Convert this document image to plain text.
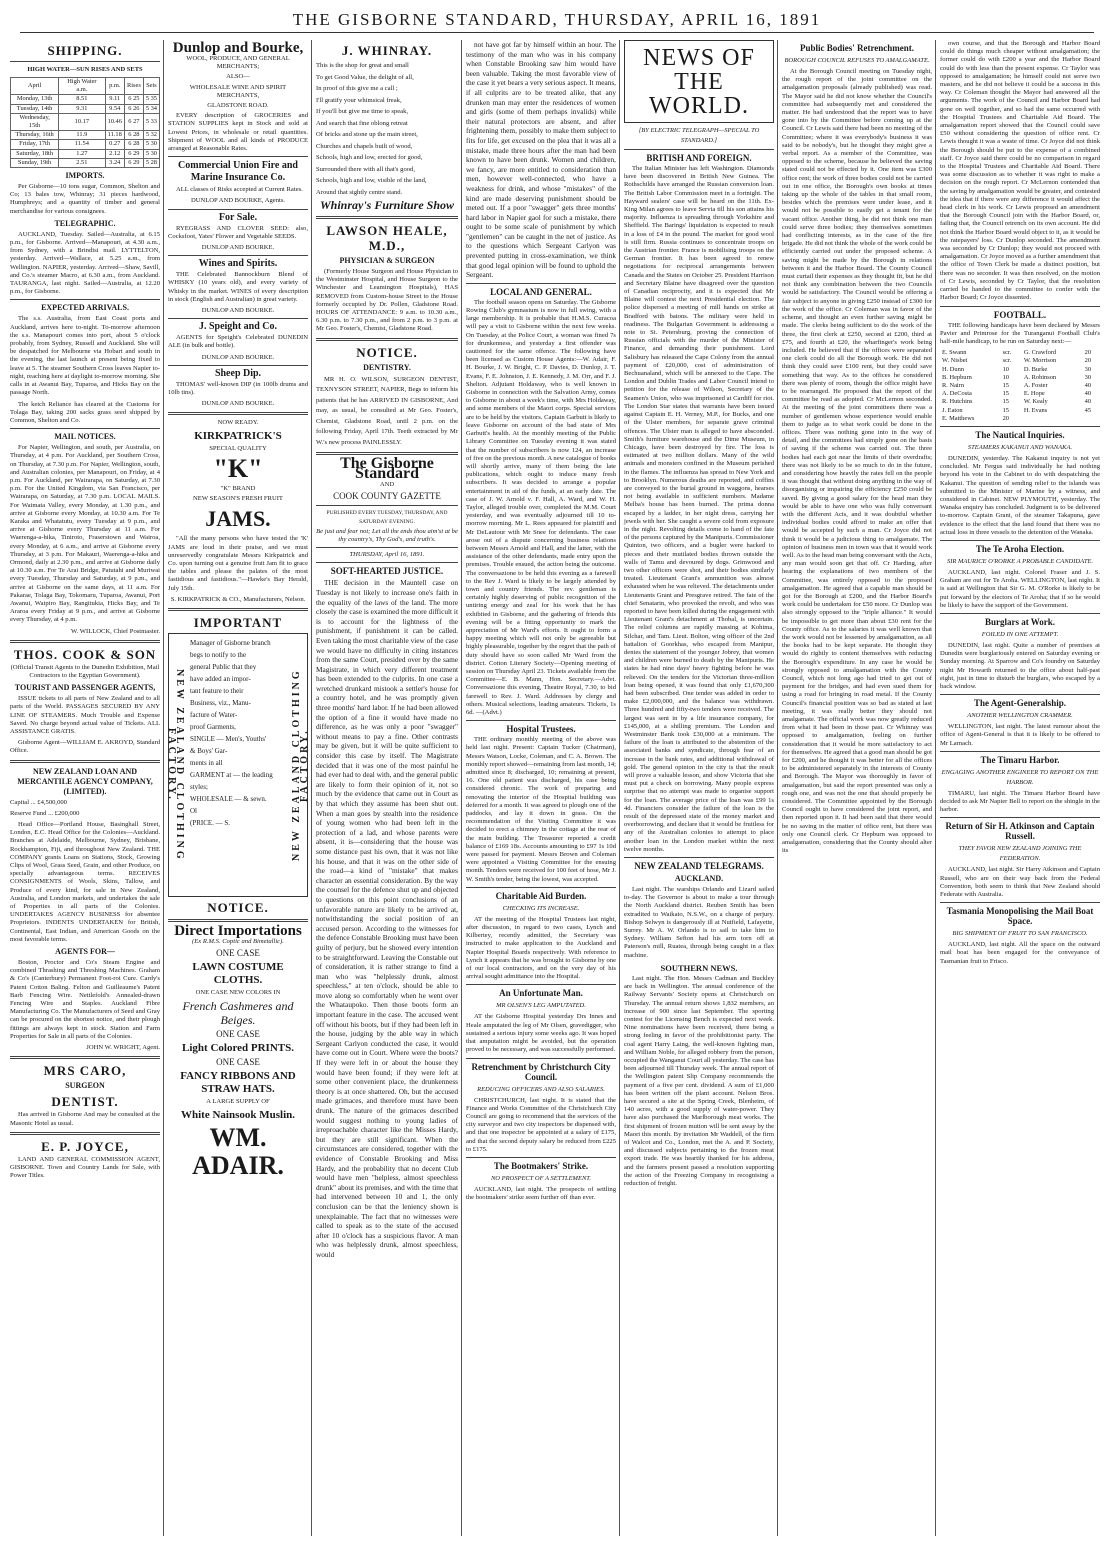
THE GISBORNE STANDARD, THURSDAY, APRIL 16, 1891
SHIPPING.
HIGH WATER—SUN RISES AND SETS
April	High Water a.m.	p.m.	Rises	Sets
Monday, 13th	8.51	9.11	6 25	5 35
Tuesday, 14th	9.31	9.54	6 26	5 34
Wednesday, 15th	10.17	10.46	6 27	5 33
Thursday, 16th	11.9	11.18	6 28	5 32
Friday, 17th	11.54	0.27	6 28	5 30
Saturday, 18th	1.27	2.12	6 29	5 30
Sunday, 19th	2.51	3.24	6 29	5 28
IMPORTS.

Per Gisborne—10 tons sugar, Common, Shelton and Co; 13 bales tow, Whinray; 31 pieces hardwood, Humphreys; and a quantity of timber and general merchandise for various consignees.

TELEGRAPHIC.

AUCKLAND, Tuesday. Sailed—Australia, at 6.15 p.m., for Gisborne. Arrived—Manapouri, at 4.30 a.m., from Sydney, with a Brindisi mail. LYTTELTON, yesterday. Arrived—Wallace, at 5.25 a.m., from Wellington. NAPIER, yesterday. Arrived—Shaw, Savill, and Co.'s steamer Macro, at 6.30 a.m., from Auckland. TAURANGA, last night. Sailed—Australia, at 12.20 p.m., for Gisborne.

EXPECTED ARRIVALS.

The s.s. Australia, from East Coast ports and Auckland, arrives here to-night. To-morrow afternoon the s.s. Manapouri comes into port, about 5 o'clock probably, from Sydney, Russell and Auckland. She will be despatched for Melbourne via Hobart and south in the evening, the last launch at present being fixed to leave at 5. The steamer Southern Cross leaves Napier to-night, reaching here at daylight to-morrow morning. She calls in at Awanui Bay, Tuparoa, and Hicks Bay on the passage North.

The ketch Reliance has cleared at the Customs for Tolaga Bay, taking 200 sacks grass seed shipped by Common, Shelton and Co.

MAIL NOTICES.

For Napier, Wellington, and south, per Australia, on Thursday, at 4 p.m. For Auckland, per Southern Cross, on Thursday, at 7.30 p.m. For Napier, Wellington, south, and Australian colonies, per Manapouri, on Friday, at 4 p.m. For Auckland, per Wairarapa, on Saturday, at 7.30 p.m. For the United Kingdom, via San Francisco, per Wairarapa, on Saturday, at 7.30 p.m. LOCAL MAILS. For Waimata Valley, every Monday, at 1.30 p.m., and arrive at Gisborne every Monday, at 10.30 a.m. For Te Karaka and Whatatutu, every Tuesday at 9 p.m., and arrive at Gisborne every Thursday at 11 a.m. For Waerenga-a-hika, Tiniroto, Fraserstown and Wairoa, every Monday, at 6 a.m., and arrive at Gisborne every Thursday, at 3 p.m. For Makauri, Waerenga-a-hika and Ormond, daily at 2.30 p.m., and arrive at Gisborne daily at 10.30 a.m. For Te Arai Bridge, Patutahi and Muriwai every Tuesday, Thursday and Saturday, at 9 p.m., and arrive at Gisborne on the same days, at 11 a.m. For Pakarae, Tolaga Bay, Tokomaru, Tuparoa, Awanui, Port Awanui, Waipiro Bay, Rangitukia, Hicks Bay, and Te Araroa every Friday at 9 p.m., and arrive at Gisborne every Thursday, at 4 p.m.

W. WILLOCK, Chief Postmaster.

THOS. COOK & SON

(Official Transit Agents to the Dunedin Exhibition, Mail Contractors to the Egyptian Government).

TOURIST AND PASSENGER AGENTS,

ISSUE tickets to all parts of New Zealand and to all parts of the World. PASSAGES SECURED BY ANY LINE OF STEAMERS. Much Trouble and Expense Saved. No charge beyond actual value of Tickets. ALL ASSISTANCE GRATIS.

Gisborne Agent—WILLIAM E. AKROYD, Standard Office.

NEW ZEALAND LOAN AND MERCANTILE AGENCY COMPANY, (LIMITED).

Capital ... £4,500,000

Reserve Fund ... £200,000

Head Office—Portland House, Basinghall Street, London, E.C. Head Office for the Colonies—Auckland. Branches at Adelaide, Melbourne, Sydney, Brisbane, Rockhampton, Fiji, and throughout New Zealand. THE COMPANY grants Loans on Stations, Stock, Growing Clips of Wool, Grass Seed, Grain, and other Produce, on specially advantageous terms. RECEIVES CONSIGNMENTS of Wools, Skins, Tallow, and Produce of every kind, for sale in New Zealand, Australia, and London markets, and undertakes the sale of Properties in all parts of the Colonies. UNDERTAKES AGENCY BUSINESS for absentee Proprietors. INDENTS UNDERTAKEN for British, Continental, East Indian, and American Goods on the most favorable terms.

AGENTS FOR—

Boston, Proctor and Co's Steam Engine and combined Thrashing and Threshing Machines. Graham & Co's (Canterbury) Permanent Foot-rot Cure. Cardy's Patent Cotton Baling. Felton and Guilleaume's Patent Barb Fencing Wire. Nettlefold's Annealed-drawn Fencing Wire and Staples. Auckland Fibre Manufacturing Co. The Manufacturers of Seed and Gray can be procured on the shortest notice, and their plough fittings are always kept in stock. Station and Farm Properties for Sale in all parts of the Colonies.

JOHN W. WRIGHT, Agent.

MRS CARO,
SURGEON
DENTIST.

Has arrived in Gisborne And may be consulted at the Masonic Hotel as usual.

E. P. JOYCE,

LAND AND GENERAL COMMISSION AGENT, GISBORNE. Town and Country Lands for Sale, with Power Titles.

Dunlop and Bourke,
WOOL, PRODUCE, AND GENERAL MERCHANTS;
ALSO—
WHOLESALE WINE AND SPIRIT MERCHANTS,
GLADSTONE ROAD.

EVERY description of GROCERIES and STATION SUPPLIES kept in Stock and sold at Lowest Prices, in wholesale or retail quantities. Shipment of WOOL and all kinds of PRODUCE arranged at Reasonable Rates.

Commercial Union Fire and Marine Insurance Co.

ALL classes of Risks accepted at Current Rates.

DUNLOP AND BOURKE, Agents.
For Sale.

RYEGRASS AND CLOVER SEED: also, Cocksfoot, Yates' Flower and Vegetable SEEDS.

DUNLOP AND BOURKE.
Wines and Spirits.

THE Celebrated Bannockburn Blend of WHISKY (10 years old), and every variety of Whisky in the market. WINES of every description in stock (English and Australian) in great variety.

DUNLOP AND BOURKE.
J. Speight and Co.

AGENTS for Speight's Celebrated DUNEDIN ALE (in bulk and bottle).

DUNLOP AND BOURKE.
Sheep Dip.

THOMAS' well-known DIP (in 100lb drums and 10lb tins).

DUNLOP AND BOURKE.
NOW READY.
KIRKPATRICK'S
SPECIAL QUALITY
"K"
"K" BRAND
NEW SEASON'S FRESH FRUIT
JAMS.

"All the many persons who have tested the 'K' JAMS are loud in their praise, and we must unreservedly congratulate Messrs Kirkpatrick and Co. upon turning out a genuine fruit Jam fit to grace the tables and please the palates of the most fastidious and fastidious."—Hawke's Bay Herald, July 15th.

S. KIRKPATRICK & CO., Manufacturers, Nelson.
IMPORTANT
NEW ZEALAND CLOTHING FACTORY.	NEW ZEALAND CLOTHING FACTORY.
Manager of Gisborne branch
begs to notify to the
general Public that they
have added an impor-
tant feature to their
Business, viz., Manu-
facture of Water-
proof Garments,
SINGLE — Men's, Youths'
& Boys' Gar-
ments in all
GARMENT at — the leading
styles;
WHOLESALE — & sewn.
Ol
(PRICE. — S.
NOTICE.
Direct Importations
(Ex R.M.S. Coptic and Bimetallic).
ONE CASE
LAWN COSTUME CLOTHS.
ONE CASE NEW COLORS IN
French Cashmeres and Beiges.
ONE CASE
Light Colored PRINTS.
ONE CASE
FANCY RIBBONS AND STRAW HATS.
A LARGE SUPPLY OF
White Nainsook Muslin.
WM. ADAIR.
J. WHINRAY.
This is the shop for great and small
To get Good Value, the delight of all,
In proof of this give me a call ;
I'll gratify your whimsical freak,
If you'll but give me time to speak,
And search that fine oblong retreat
Of bricks and stone up the main street,
Churches and chapels built of wood,
Schools, high and low, erected for good,
Surrounded there with all that's good,
Schools, high and low, visible of the land,
Around that sightly centre stand.
Whinray's Furniture Show
LAWSON HEALE, M.D.,
PHYSICIAN & SURGEON

(Formerly House Surgeon and House Physician to the Westminster Hospital, and House Surgeon to the Winchester and Leamington Hospitals), HAS REMOVED from Custom-house Street to the House formerly occupied by Dr. Pollen, Gladstone Road. HOURS OF ATTENDANCE: 9 a.m. to 10.30 a.m., 6.30 p.m. to 7.30 p.m., and from 2 p.m. to 3 p.m. at Mr Geo. Foster's, Chemist, Gladstone Road.

NOTICE.
DENTISTRY.

MR H. O. WILSON, SURGEON DENTIST, TEXNYSON STREET, NAPIER, Begs to inform his patients that he has ARRIVED IN GISBORNE, And may, as usual, be consulted at Mr Geo. Foster's, Chemist, Gladstone Road, until 2 p.m. on the following Friday, April 17th. Teeth extracted by Mr W.'s new process PAINLESSLY.

The Gisborne Standard
AND
COOK COUNTY GAZETTE
PUBLISHED EVERY TUESDAY, THURSDAY, AND SATURDAY EVENING.
Be just and fear not; Let all the ends thou aim'st at be thy country's, Thy God's, and truth's.
THURSDAY, April 16, 1891.
SOFT-HEARTED JUSTICE.

THE decision in the Mauntell case on Tuesday is not likely to increase one's faith in the equality of the laws of the land. The more closely the case is examined the more difficult it is to account for the lightness of the punishment, if punishment it can be called. Even taking the most charitable view of the case we would have no difficulty in citing instances from the same Court, presided over by the same Magistrate, in which very different treatment has been extended to the culprits. In one case a wretched drunkard mistook a settler's house for a country hotel, and he was promptly given three months' hard labor. If he had been allowed the option of a fine it would have made no difference, as he was only a poor "swagger" without means to pay a fine. Other contrasts may be given, but it will be quite sufficient to consider this case by itself. The Magistrate decided that it was one of the most painful he had ever had to deal with, and the general public are likely to form their opinion of it, not so much by the evidence that came out in Court as by that which they assume has been shut out. When a man goes by stealth into the residence of young women who had been left in the protection of a lad, and whose parents were absent, it is—considering that the house was some distance past his own, that it was not like his house, and that it was on the other side of the road—a kind of "mistake" that makes character an essential consideration. By the way the counsel for the defence shut up and objected to questions on this point conclusions of an unfavorable nature are likely to be arrived at, notwithstanding the social position of an accused person. According to the witnesses for the defence Constable Brooking must have been guilty of perjury, but he showed every intention to be straightforward. Leaving the Constable out of consideration, it is rather strange to find a man who was "helplessly drunk, almost speechless," at ten o'clock, should be able to move along so comfortably when he went over the Whataupoko. Then those boots form an important feature in the case. The accused went off without his boots, but if they had been left in the house, judging by the able way in which Sergeant Carlyon conducted the case, it would have come out in Court. Where were the boots? If they were left in or about the house they would have been found; if they were left at some other convenient place, the drunkenness theory is at once shattered. Oh, but the accused made grimaces, and therefore must have been drunk. The nature of the grimaces described would suggest nothing to young ladies of irreproachable character like the Misses Hardy, but they are still significant. When the circumstances are considered, together with the evidence of Constable Brooking and Miss Hardy, and the probability that no decent Club would have men "helpless, almost speechless drunk" about its premises, and with the time that had intervened between 10 and 1, the only conclusion can be that the leniency shown is unexplainable. The fact that no witnesses were called to speak as to the state of the accused after 10 o'clock has a suspicious flavor. A man who was helplessly drunk, almost speechless, would

not have got far by himself within an hour. The testimony of the man who was in his company when Constable Brooking saw him would have been valuable. Taking the most favorable view of the case it yet bears a very serious aspect. It means, if all culprits are to be treated alike, that any drunken man may enter the residences of women and girls (some of them perhaps invalids) while their natural protectors are absent, and after frightening them, possibly to make them subject to fits for life, get excused on the plea that it was all a mistake, made three hours after the man had been known to have been drunk. Women and children, we fancy, are more entitled to consideration than men, however well-connected, who have a weakness for drink, and whose "mistakes" of the kind are made deserving punishment should be meted out. If a poor "swagger" gets three months' hard labor in Napier gaol for such a mistake, there ought to be some scale of punishment by which "gentlemen" can be caught in the net of justice. As to the questions which Sergeant Carlyon was prevented putting in cross-examination, we think that good legal opinion will be found to uphold the Sergeant.

LOCAL AND GENERAL.

The football season opens on Saturday. The Gisborne Rowing Club's gymnasium is now in full swing, with a large membership. It is probable that H.M.S. Curacoa will pay a visit to Gisborne within the next few weeks. On Tuesday, at the Police Court, a woman was fined 7s for drunkenness, and yesterday a first offender was cautioned for the same offence. The following have been licensed as Custom House Agents:—W. Adair, F. H. Bourke, J. W. Bright, C. P. Davies, D. Dunlop, J. T. Evans, F. E. Johnston, J. E. Kennedy, J. M. Orr, and F. J. Shelton. Adjutant Holdaway, who is well known in Gisborne in connection with the Salvation Army, comes to Gisborne in about a week's time, with Mrs Holdaway, and some members of the Maori corps. Special services are to be held by the visitors. Captain Garbutt is likely to leave Gisborne on account of the bad state of Mrs Garbutt's health. At the monthly meeting of the Public Library Committee on Tuesday evening it was stated that the number of subscribers is now 124, an increase of five on the previous month. A new catalogue of books will shortly arrive, many of them being the late publications, which ought to induce many fresh subscribers. It was decided to arrange a popular entertainment in aid of the funds, at an early date. The case of J. W. Arnold v. F. Hall, A. Ward, and W. H. Taylor, alleged trouble over, completed the M.M. Court yesterday, and was eventually adjourned till 10 to-morrow morning. Mr L. Rees appeared for plaintiff and Mr DeLautour with Mr Snee for defendants. The case arose out of a dispute concerning business relations between Messrs Arnold and Hall, and the latter, with the assistance of the other defendants, made entry upon the premises. Trouble ensued, the action being the outcome. The conversazione to be held this evening as a farewell to the Rev J. Ward is likely to be largely attended by town and country friends. The rev. gentleman is certainly highly deserving of public recognition of the untiring energy and zeal for his work that he has exhibited in Gisborne, and the gathering of friends this evening will be a fitting opportunity to mark the appreciation of Mr Ward's efforts. It ought to form a happy meeting which will not only be agreeable but highly pleasurable, together by the regret that the path of duty should have so soon called Mr Ward from the district. Cotton Literary Society—Opening meeting of session on Thursday April 23. Tickets available from the Committee—E. B. Mann, Hon. Secretary.—Advt. Conversazione this evening, Theatre Royal, 7.30, to bid farewell to Rev. J. Ward. Addresses by clergy and others. Musical selections, leading amateurs. Tickets, 1s 6d. —(Advt.)

Hospital Trustees.

THE ordinary monthly meeting of the above was held last night. Present: Captain Tucker (Chairman), Messrs Watson, Locke, Coleman, and C. A. Brown. The monthly report showed—remaining from last month, 14; admitted since 8; discharged, 10; remaining at present, 16. One old patient was discharged, his case being considered chronic. The work of preparing and renovating the interior of the Hospital building was deferred for a month. It was agreed to plough one of the paddocks, and lay it down in grass. On the recommendation of the Visiting Committee it was decided to erect a chimney in the cottage at the rear of the main building. The Treasurer reported a credit balance of £169 18s. Accounts amounting to £97 1s 10d were passed for payment. Messrs Brown and Coleman were appointed a Visiting Committee for the ensuing month. Tenders were received for 100 feet of hose, Mr J. W. Smith's tender, being the lowest, was accepted.

Charitable Aid Burden.
CHECKING ITS INCREASE.

AT the meeting of the Hospital Trustees last night, after discussion, in regard to two cases, Lynch and Kilbertey, recently admitted, the Secretary was instructed to make application to the Auckland and Napier Hospital Boards respectively. With reference to Lynch it appears that he was brought to Gisborne by one of our local contractors, and on the very day of his arrival sought admittance into the Hospital.

An Unfortunate Man.
MR OLSEN'S LEG AMPUTATED.

AT the Gisborne Hospital yesterday Drs Innes and Heale amputated the leg of Mr Olsen, gravedigger, who sustained a serious injury some weeks ago. It was hoped that amputation might be avoided, but the operation proved to be necessary, and was successfully performed.

Retrenchment by Christchurch City Council.
REDUCING OFFICERS AND ALSO SALARIES.

CHRISTCHURCH, last night. It is stated that the Finance and Works Committee of the Christchurch City Council are going to recommend that the services of the city surveyor and two city inspectors be dispensed with, and that one inspector be appointed at a salary of £175, and that the second deputy salary be reduced from £225 to £175.

The Bootmakers' Strike.
NO PROSPECT OF A SETTLEMENT.

AUCKLAND, last night. The prospects of settling the bootmakers' strike seem further off than ever.

NEWS OF THE WORLD.
[BY ELECTRIC TELEGRAPH—SPECIAL TO STANDARD.]
BRITISH AND FOREIGN.

The Italian Minister has left Washington. Diamonds have been discovered in British New Guinea. The Rothschilds have arranged the Russian conversion loan. The British Labor Commission meet in a fortnight. The Hayward sealers' case will be heard on the 11th. Ex-King Milan agrees to leave Servia till his son attains his majority. Influenza is spreading through Yorkshire and Sheffield. The Barings' liquidation is expected to result in a loss of £4 in the pound. The market for good wool is still firm. Russia continues to concentrate troops on the Austrian frontier. France is mobilising troops on the German frontier. It has been agreed to renew negotiations for reciprocal arrangements between Canada and the States on October 25. President Harrison and Secretary Blaine have disagreed over the question of Canadian reciprocity, and it is expected that Mr Blaine will contest the next Presidential election. The police dispersed a meeting of mill hands on strike at Bradford with batons. The military were held in readiness. The Bulgarian Government is addressing a note to St. Petersburg, proving the connection of Russian officials with the murder of the Minister of Finance, and demanding their punishment. Lord Salisbury has released the Cape Colony from the annual payment of £20,000, cost of administration of Bechuanaland, which will be annexed to the Cape. The London and Dublin Trades and Labor Council intend to petition for the release of Wilson, Secretary of the Seamen's Union, who was imprisoned at Cardiff for riot. The London Star states that warrants have been issued against Captain E. H. Verney, M.P., for Bucks, and one of the Ulster members, for separate grave criminal offences. The Ulster man is alleged to have absconded. Smith's furniture warehouse and the Dime Museum, in Chicago, have been destroyed by fire. The loss is estimated at two million dollars. Many of the wild animals and monsters confined in the Museum perished in the flames. The influenza has spread to New York and to Brooklyn. Numerous deaths are reported, and coffins are conveyed to the burial ground in waggons, hearses not being available in sufficient numbers. Madame Melba's house has been burned. The prima donna escaped by a ladder, in her night dress, carrying her jewels with her. She caught a severe cold from exposure in the night. Revolting details come to hand of the fate of the persons captured by the Manipuris. Commissioner Quinton, two officers, and a bugler were hacked to pieces and their mutilated bodies thrown outside the walls of Tamu and devoured by dogs. Grimwood and two other officers were shot, and their bodies similarly treated. Lieutenant Grant's ammunition was almost exhausted when he was relieved. The detachments under Lieutenants Grant and Presgrave retired. The fate of the chief Senatarin, who provoked the revolt, and who was reported to have been killed during the engagement with Lieutenant Grant's detachment at Thobal, is uncertain. The relief columns are rapidly massing at Kohima, Silchar, and Tam. Lieut. Bolton, wing officer of the 2nd battalion of Goorkhas, who escaped from Manipur, denies the statement of the younger Jobrey, that women and children were burned to death by the Manipuris. He states he had nine days' heavy fighting before he was relieved. On the tenders for the Victorian three-million loan being opened, it was found that only £1,670,300 had been subscribed. One tender was added in order to make £2,000,000, and the balance was withdrawn. Three hundred and fifty-two tenders were received. The largest was sent in by a life insurance company, for £145,000, at a shilling premium. The London and Westminster Bank took £30,000 at a minimum. The failure of the loan is attributed to the abstention of the associated banks and syndicate, through fear of an increase in the bank rates, and additional withdrawal of gold. The general opinion in the city is that the result will prove a valuable lesson, and show Victoria that she must put a check on borrowing. Many people express surprise that no attempt was made to organise support for the loan. The average price of the loan was £99 1s 4d. Financiers consider the failure of the loan is the result of the depressed state of the money market and overborrowing, and declare that it would be fruitless for any of the Australian colonies to attempt to place another loan in the London market within the next twelve months.

NEW ZEALAND TELEGRAMS.
AUCKLAND.

Last night. The warships Orlando and Lizard sailed to-day. The Governor is about to make a tour through the North Auckland district. Reuben Smith has been extradited to Waikato, N.S.W., on a charge of perjury. Bishop Selwyn is dangerously ill at Nutfield, Lafayette, Surrey. Mr A. W. Orlando is to sail to take him to Sydney. William Sefton had his arm torn off at Paterson's mill, Ruatea, through being caught in a flax machine.

SOUTHERN NEWS.

Last night. The Hon. Messrs Cadman and Buckley are back in Wellington. The annual conference of the Railway Servants' Society opens at Christchurch on Thursday. The annual return shows 1,832 members, an increase of 900 since last September. The sporting contest for the Licensing Bench is expected next week. Nine nominations have been received, there being a strong feeling in favor of the prohibitionist party. The coal agent Harry Laing, the well-known fighting man, and William Noble, for alleged robbery from the person, occupied the Wanganui Court all yesterday. The case has been adjourned till Thursday week. The annual report of the Wellington patent Slip Company recommends the payment of a five per cent. dividend. A sum of £1,000 has been written off the plant account. Nelson Bros. have secured a site at the Spring Creek, Blenheim, of 140 acres, with a good supply of water-power. They have also purchased the Marlborough meat works. The first shipment of frozen mutton will be sent away by the Maori this month. By invitation Mr Waddell, of the firm of Walcot and Co., London, met the A. and P. Society, and discussed subjects pertaining to the frozen meat export trade. He was heartily thanked for his address, and the farmers present passed a resolution supporting the action of the Freezing Company in recognising a reduction of freight.

Public Bodies' Retrenchment.
BOROUGH COUNCIL REFUSES TO AMALGAMATE.

At the Borough Council meeting on Tuesday night, the rough report of the joint committee on the amalgamation proposals (already published) was read. The Mayor said he did not know whether the Council's committee had subsequently met and considered the matter. He had understood that the report was to have gone into by the Committee before coming up at the Council. Cr Lewis said there had been no meeting of the Committee; where it was everybody's business it was said to be nobody's, but he thought they might give a verbal report. As a member of the Committee, was opposed to the scheme, because he believed the saving stated could not be effected by it. One item was £300 office rent; the work of three bodies could not be carried out in one office, the Borough's own books at times taking up the whole of the tables in that small room, besides which the premises were under lease, and it would not be possible to easily get a tenant for the vacant office. Another thing, he did not think one man could serve three bodies; they themselves sometimes had conflicting interests, as in the case of the fire brigade. He did not think the whole of the work could be efficiently carried out under the proposed scheme. A saving might be made by the Borough in relations between it and the Harbor Board. The County Council must curtail their expenses as they thought fit, but he did not think any combination between the two Councils would be satisfactory. The Council would be offering a fair subject to anyone in giving £250 instead of £300 for the work of the office. Cr Coleman was in favor of the scheme, and thought an even further saving might be made. The clerks being sufficient to do the work of the three, the first clerk at £250, second at £200, third at £75, and fourth at £20, the wharfinger's work being included. He believed that if the offices were separated one clerk could do all the Borough work. He did not think they could save £100 rent, but they could save something that way. As to the offices he considered there was plenty of room, though the office might have to be rearranged. He proposed that the report of the committee be read as adopted. Cr McLernon seconded. At the meeting of the joint committees there was a number of gentlemen whose experience would enable them to judge as to what work could be done in the offices. There was nothing gone into in the way of detail, and the committees had simply gone on the basis of saving if the scheme was carried out. The three bodies had each got near the limits of their overdrafts; there was not likely to be so much to do in the future, and considering how heavily the rates fell on the people it was thought that without doing anything in the way of disorganising or impairing the efficiency £250 could be saved. By giving a good salary for the head man they would be able to have one who was fully conversant with the different Acts, and it was doubtful whether individual bodies could afford to make an offer that would be accepted by such a man. Cr Joyce did not think it would be a judicious thing to amalgamate. The opinion of business men in town was that it would work well. As to the head man being conversant with the Acts, any man would soon get that off. Cr Harding, after hearing the explanations of two members of the Committee, was entirely opposed to the proposed amalgamation. He agreed that a capable man should be got for the Borough at £200, and the Harbor Board's work could be undertaken for £50 more. Cr Dunlop was also strongly opposed to the "triple alliance." It would be impossible to get more than about £30 rent for the County office. As to the salaries it was well known that the work would not be lessened by amalgamation, as all the books had to be kept separate. He thought they would do rightly to content themselves with reducing the Borough's expenditure. In any case he would be strongly opposed to amalgamation with the County Council, which not long ago had tried to get out of payment for the bridges, and had even sued them for using a road for bringing in road metal. If the County Council's financial position was so bad as stated at last meeting, it was really better they should not amalgamate. The official work was now greatly reduced from what it had been in those past. Cr Whinray was opposed to amalgamation, feeling on further consideration that it would be more satisfactory to act for themselves. He agreed that a good man should be got for £200, and he thought it was better for all the offices to be administered separately in the interests of County and Borough. The Mayor was thoroughly in favor of amalgamation, but said the report presented was only a rough one, and was not the one that should properly be considered. The Committee appointed by the Borough Council ought to have considered the joint report, and then reported upon it. It had been said that there would be no saving in the matter of office rent, but there was only one Council clerk. Cr Hepburn was opposed to amalgamation, considering that the County should alter its

own course, and that the Borough and Harbor Board could do things much cheaper without amalgamation; the former could do with £200 a year and the Harbor Board could do with less than the present expense. Cr Taylor was opposed to amalgamation; he himself could not serve two masters, and he did not believe it could be a success in this way. Cr Coleman thought the Mayor had answered all the arguments. The work of the Council and Harbor Board had gone on well together, and so had the same occurred with the Hospital Trustees and Charitable Aid Board. The amalgamation report showed that the Council could save £50 without considering the question of office rent. Cr Lewis thought it was a waste of time. Cr Joyce did not think the Borough should be put to the expense of a combined staff. Cr Joyce said there could be no comparison in regard to the Hospital Trustees and Charitable Aid Board. There was some discussion as to whether it was right to make a decision on the rough report. Cr McLernon contended that the saving by amalgamation would be greater, and contested the idea that if there were any difference it would affect the head clerk in his work. Cr Lewis proposed an amendment that the Borough Council join with the Harbor Board, or, failing that, the Council retrench on its own account. He did not think the Harbor Board would object to it, as it would be the ratepayers' loss. Cr Dunlop seconded. The amendment was seconded by Cr Dunlop; they would not proceed with amalgamation. Cr Joyce moved as a further amendment that the office of Town Clerk be made a distinct position, but there was no seconder. It was then resolved, on the motion of Cr Lewis, seconded by Cr Taylor, that the resolution carried be handed to the committee to confer with the Harbor Board; Cr Joyce dissented.

FOOTBALL.

THE following handicaps have been declared by Messrs Pavier and Primrose for the Turanganui Football Club's half-mile handicap, to be run on Saturday next:—

E. Swann	scr.	G. Crawford	20
W. Nisbet	scr.	W. Morrison	20
H. Dunn	10	D. Burke	30
B. Hepburn	10	A. Robinson	30
R. Nairn	15	A. Foster	40
A. DeCosta	15	E. Hope	40
R. Hutchins	15	W. Kealy	40
J. Eaton	15	H. Evans	45
E. Matthews	20		
The Nautical Inquiries.
STEAMERS KAKANUI AND WANAKA.

DUNEDIN, yesterday. The Kakanui inquiry is not yet concluded. Mr Fergus said individually he had nothing beyond his vote in the Cabinet to do with despatching the Kakanui. The question of sending relief to the islands was submitted to the Minister of Marine by a witness, and considered in Cabinet. NEW PLYMOUTH, yesterday. The Wanaka enquiry has concluded. Judgment is to be delivered to-morrow. Captain Grant, of the steamer Takapuna, gave evidence to the effect that the land found that there was no actual loss in three vessels to the detention of the Wanaka.

The Te Aroha Election.
SIR MAURICE O'RORKE A PROBABLE CANDIDATE.

AUCKLAND, last night. Colonel Fraser and J. S. Graham are out for Te Aroha. WELLINGTON, last night. It is said at Wellington that Sir G. M. O'Rorke is likely to be put forward by the electors of Te Aroha; that if so he would be likely to have the support of the Government.

Burglars at Work.
FOILED IN ONE ATTEMPT.

DUNEDIN, last night. Quite a number of premises at Dunedin were burglariously entered on Saturday evening or Sunday morning. At Sparrow and Co's foundry on Saturday night Mr Howarth returned to the office about half-past eight, just in time to disturb the burglars, who escaped by a back window.

The Agent-Generalship.
ANOTHER WELLINGTON CRAMMER.

WELLINGTON, last night. The latest rumour about the office of Agent-General is that it is likely to be offered to Mr Larnach.

The Timaru Harbor.
ENGAGING ANOTHER ENGINEER TO REPORT ON THE HARBOR.

TIMARU, last night. The Timaru Harbor Board have decided to ask Mr Napier Bell to report on the shingle in the harbor.

Return of Sir H. Atkinson and Captain Russell.
THEY FAVOR NEW ZEALAND JOINING THE FEDERATION.

AUCKLAND, last night. Sir Harry Atkinson and Captain Russell, who are on their way back from the Federal Convention, both seem to think that New Zealand should Federate with Australia.

Tasmania Monopolising the Mail Boat Space.
BIG SHIPMENT OF FRUIT TO SAN FRANCISCO.

AUCKLAND, last night. All the space on the outward mail boat has been engaged for the conveyance of Tasmanian fruit to Frisco.
